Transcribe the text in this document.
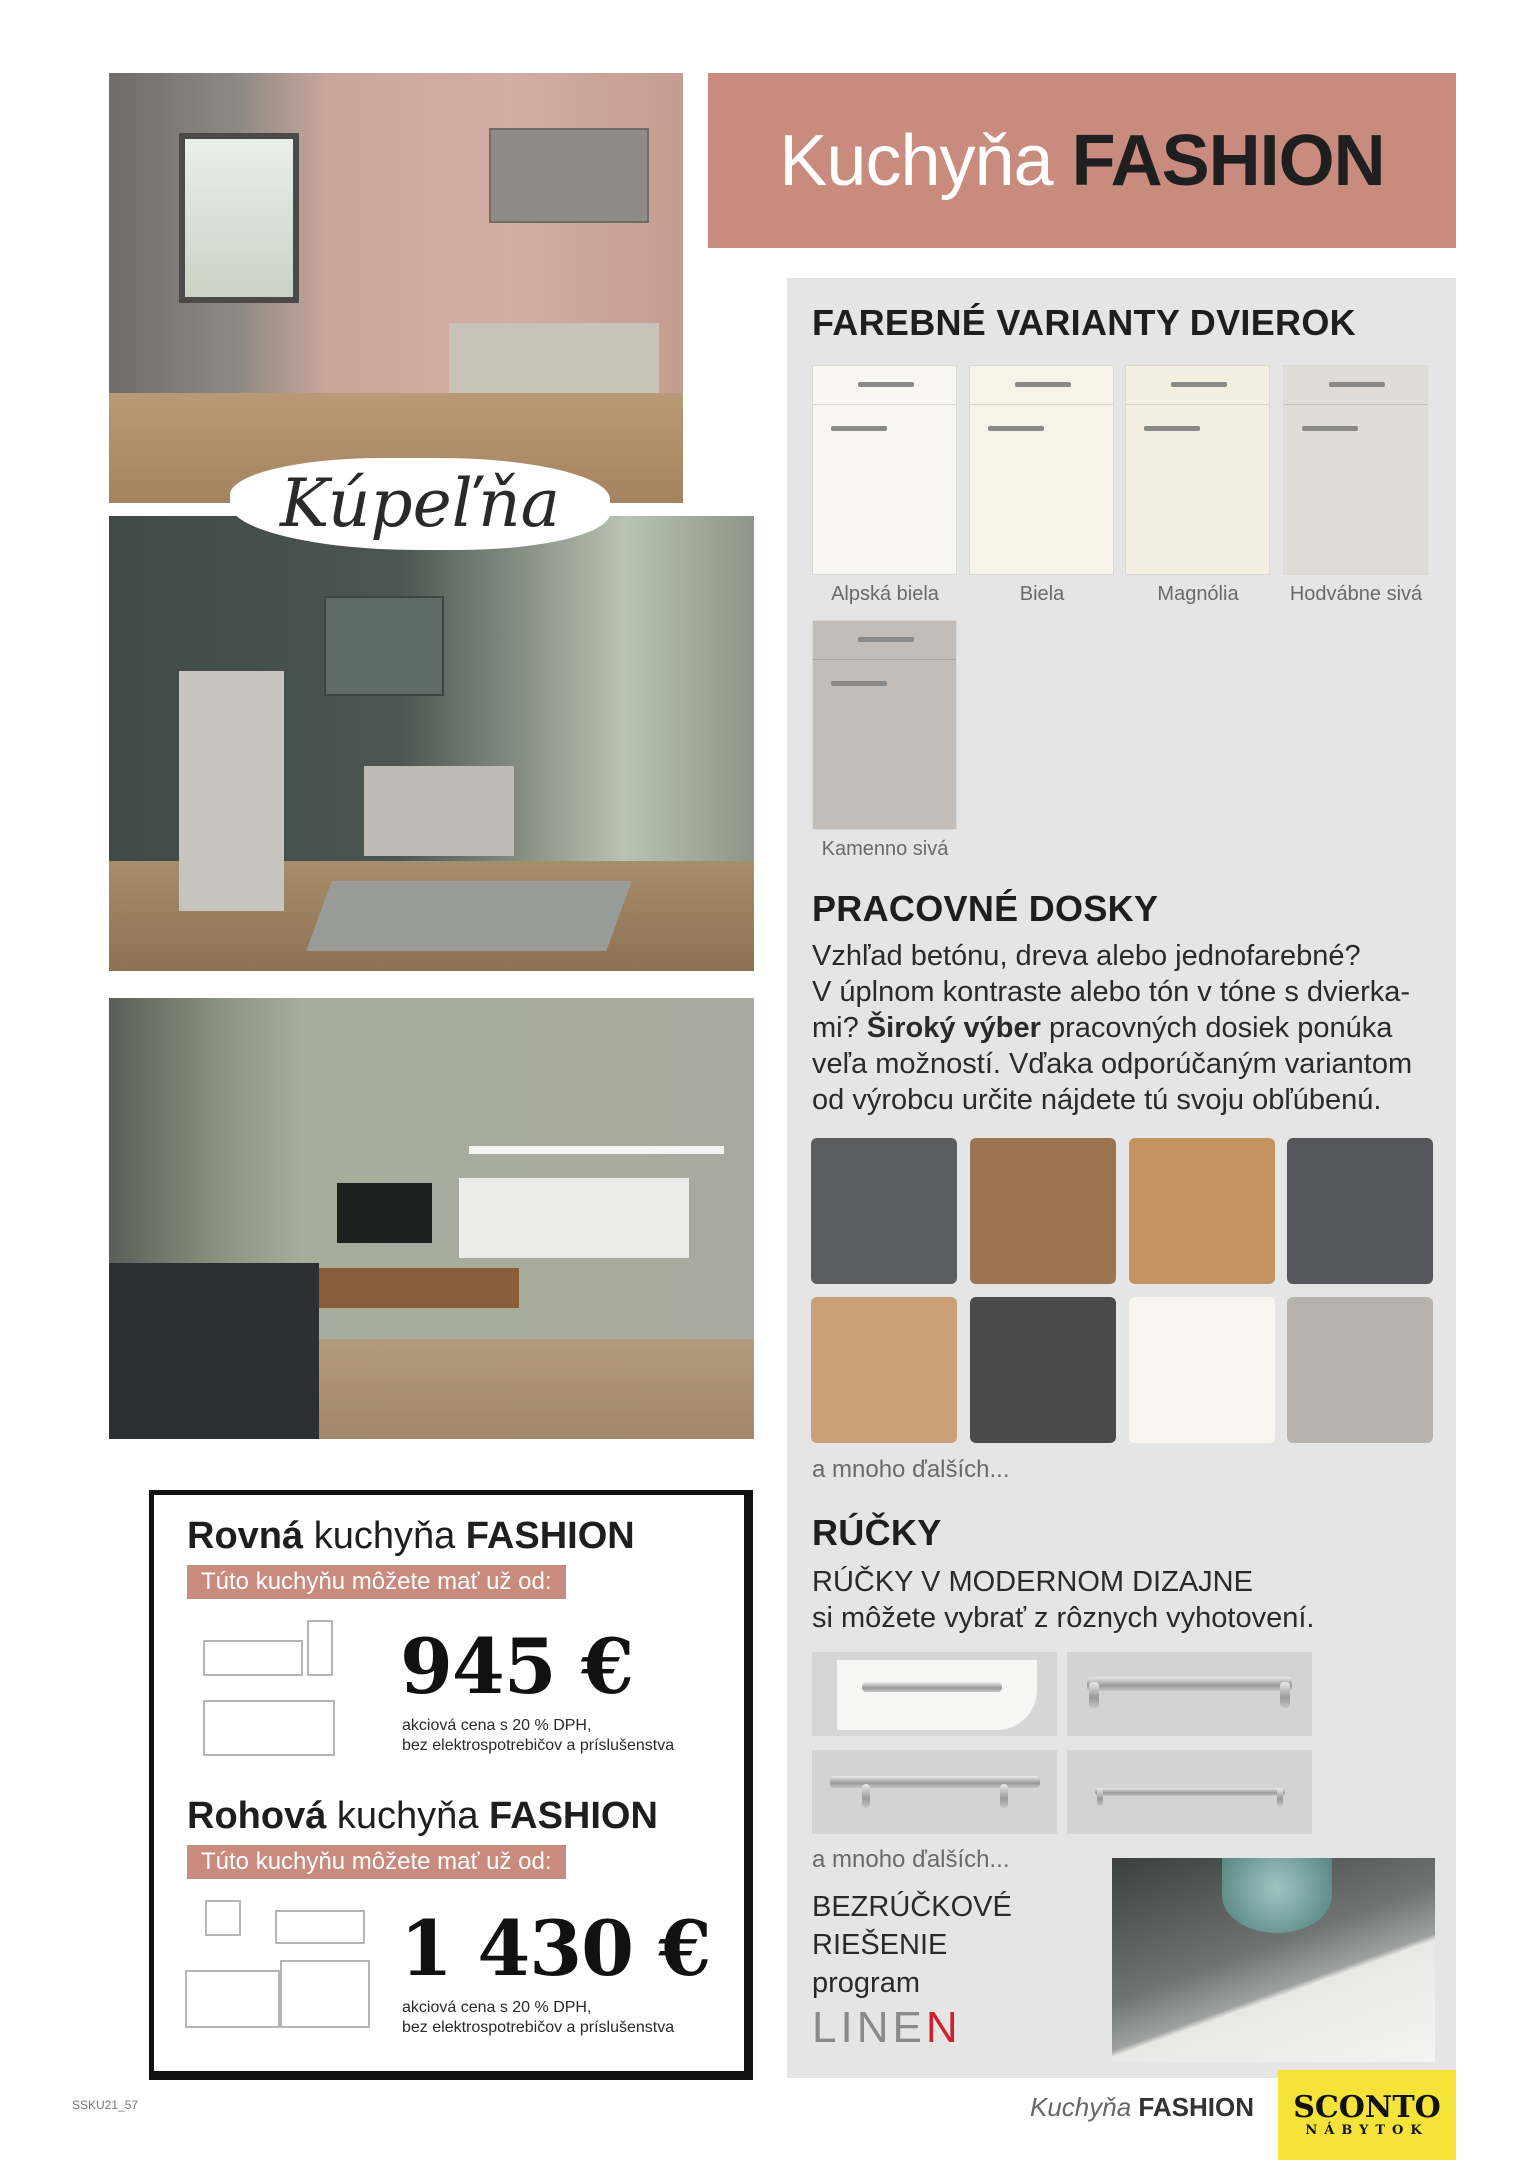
Kúpeľňa
Kuchyňa FASHION
FAREBNÉ VARIANTY DVIEROK
Alpská biela	Biela	Magnólia	Hodvábne sivá
Kamenno sivá
PRACOVNÉ DOSKY
Vzhľad betónu, dreva alebo jednofarebné?
V úplnom kontraste alebo tón v tóne s dvierka-
mi? Široký výber pracovných dosiek ponúka
veľa možností. Vďaka odporúčaným variantom
od výrobcu určite nájdete tú svoju obľúbenú.
a mnoho ďalších...
RÚČKY
RÚČKY V MODERNOM DIZAJNE
si môžete vybrať z rôznych vyhotovení.
a mnoho ďalších...
BEZRÚČKOVÉ
RIEŠENIE
program
LINEN
Rovná kuchyňa FASHION
Túto kuchyňu môžete mať už od:
945 €
akciová cena s 20 % DPH,
bez elektrospotrebičov a príslušenstva
Rohová kuchyňa FASHION
Túto kuchyňu môžete mať už od:
1 430 €
akciová cena s 20 % DPH,
bez elektrospotrebičov a príslušenstva
SSKU21_57	Kuchyňa FASHION SCONTO
NÁBYTOK
